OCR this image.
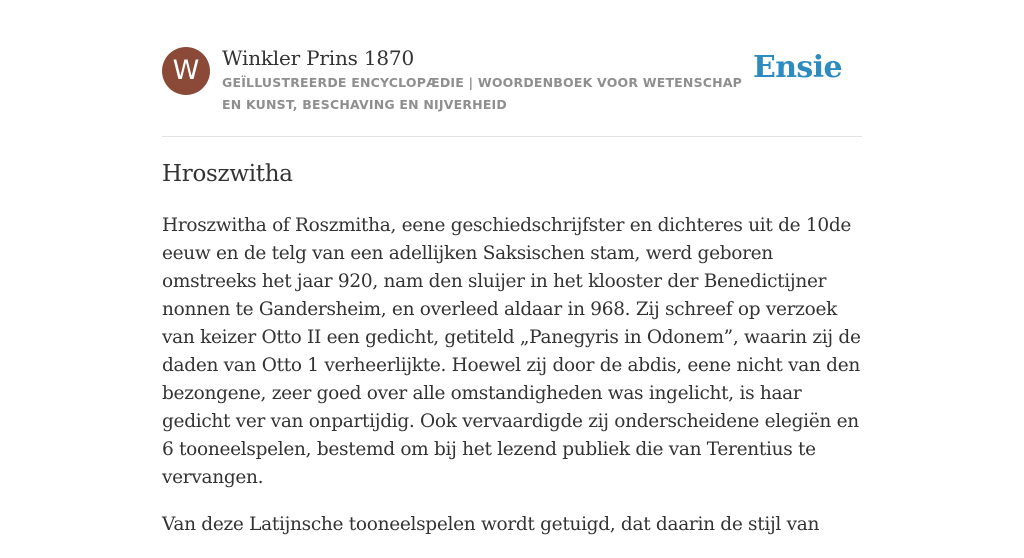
W	Winkler Prins 1870
GEÏLLUSTREERDE ENCYCLOPÆDIE | WOORDENBOEK VOOR WETENSCHAP EN KUNST, BESCHAVING EN NIJVERHEID
Ensie
Hroszwitha

Hroszwitha of Roszmitha, eene geschiedschrijfster en dichteres uit de 10de eeuw en de telg van een adellijken Saksischen stam, werd geboren omstreeks het jaar 920, nam den sluijer in het klooster der Benedictijner nonnen te Gandersheim, en overleed aldaar in 968. Zij schreef op verzoek van keizer Otto II een gedicht, getiteld „Panegyris in Odonem”, waarin zij de daden van Otto 1 verheerlijkte. Hoewel zij door de abdis, eene nicht van den bezongene, zeer goed over alle omstandigheden was ingelicht, is haar gedicht ver van onpartijdig. Ook vervaardigde zij onderscheidene elegiën en 6 tooneelspelen, bestemd om bij het lezend publiek die van Terentius te vervangen.

Van deze Latijnsche tooneelspelen wordt getuigd, dat daarin de stijl van
